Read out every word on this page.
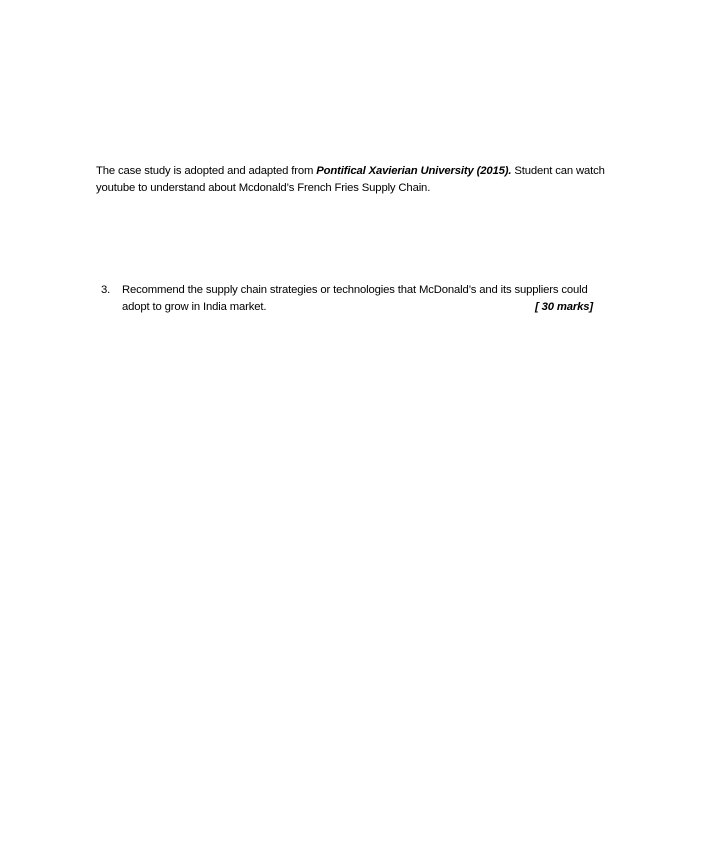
The case study is adopted and adapted from Pontifical Xavierian University (2015). Student can watch
youtube to understand about Mcdonald’s French Fries Supply Chain.
3. Recommend the supply chain strategies or technologies that McDonald’s and its suppliers could
adopt to grow in India market.	[ 30 marks]
